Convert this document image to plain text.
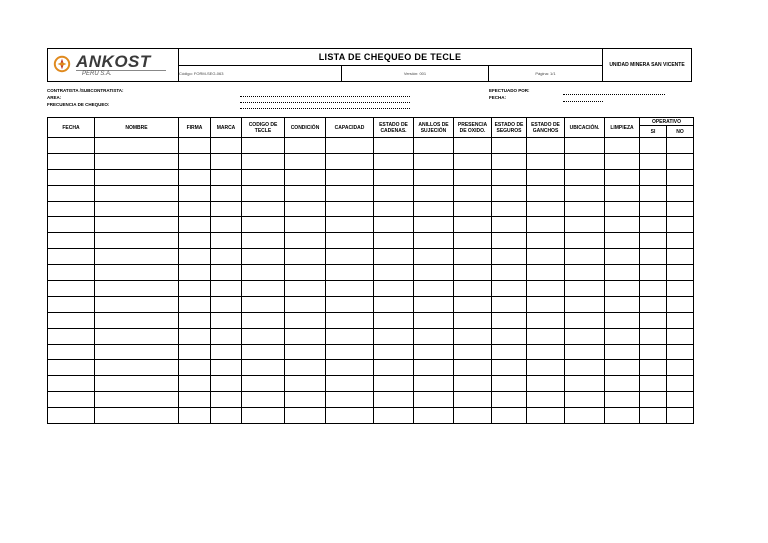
ANKOST
PERU S.A.
LISTA DE CHEQUEO DE TECLE
Código: FORM-SEG-063	Versión: 001	Página: 1/1
UNIDAD MINERA SAN VICENTE
CONTRATISTA /SUBCONTRATISTA:
AREA:
FRECUENCIA DE CHEQUEO:
EFECTUADO POR:
FECHA:
FECHA	NOMBRE	FIRMA	MARCA	CODIGO DE TECLE	CONDICIÓN	CAPACIDAD	ESTADO DE CADENAS.	ANILLOS DE SUJECIÓN	PRESENCIA DE OXIDO.	ESTADO DE SEGUROS	ESTADO DE GANCHOS	UBICACIÓN.	LIMPIEZA	OPERATIVO	
														SI	NO
